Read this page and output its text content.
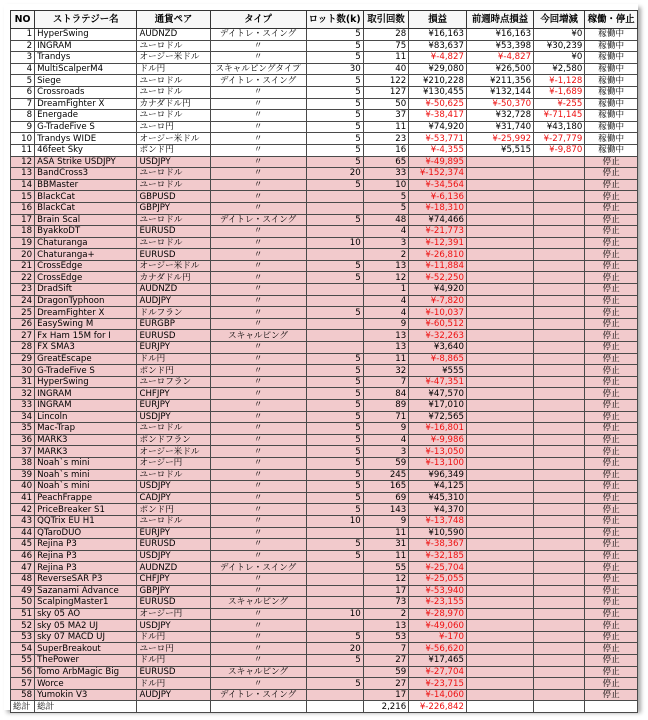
NO	ストラテジー名	通貨ペア	タイプ	ロット数(k)	取引回数	損益	前週時点損益	今回増減	稼働・停止
1	HyperSwing	AUDNZD	デイトレ・スイング	5	28	¥16,163	¥16,163	¥0	稼働中
2	INGRAM	ユーロドル	〃	5	75	¥83,637	¥53,398	¥30,239	稼働中
3	Trandys	オージー米ドル	〃	5	11	¥-4,827	¥-4,827	¥0	稼働中
4	MultiScalperM4	ドル円	スキャルピングタイプ	30	40	¥29,080	¥26,500	¥2,580	稼働中
5	Siege	ユーロドル	デイトレ・スイング	5	122	¥210,228	¥211,356	¥-1,128	稼働中
6	Crossroads	ユーロドル	〃	5	127	¥130,455	¥132,144	¥-1,689	稼働中
7	DreamFighter X	カナダドル円	〃	5	50	¥-50,625	¥-50,370	¥-255	稼働中
8	Energade	ユーロドル	〃	5	37	¥-38,417	¥32,728	¥-71,145	稼働中
9	G-TradeFive S	ユーロ円	〃	5	11	¥74,920	¥31,740	¥43,180	稼働中
10	Trandys WIDE	オージー米ドル	〃	5	23	¥-53,771	¥-25,992	¥-27,779	稼働中
11	46feet Sky	ポンド円	〃	5	16	¥-4,355	¥5,515	¥-9,870	稼働中
12	ASA Strike USDJPY	USDJPY	〃	5	65	¥-49,895			停止
13	BandCross3	ユーロドル	〃	20	33	¥-152,374			停止
14	BBMaster	ユーロドル	〃	5	10	¥-34,564			停止
15	BlackCat	GBPUSD	〃		5	¥-6,136			停止
16	BlackCat	GBPJPY	〃		5	¥-18,310			停止
17	Brain Scal	ユーロドル	デイトレ・スイング	5	48	¥74,466			停止
18	ByakkoDT	EURUSD	〃		4	¥-21,773			停止
19	Chaturanga	ユーロドル	〃	10	3	¥-12,391			停止
20	Chaturanga+	EURUSD	〃		2	¥-26,810			停止
21	CrossEdge	オージー米ドル	〃	5	13	¥-11,884			停止
22	CrossEdge	カナダドル円	〃	5	12	¥-52,250			停止
23	DradSift	AUDNZD	〃		1	¥4,920			停止
24	DragonTyphoon	AUDJPY	〃		4	¥-7,820			停止
25	DreamFighter X	ドルフラン	〃	5	4	¥-10,037			停止
26	EasySwing M	EURGBP	〃		9	¥-60,512			停止
27	Fx Ham 15M for I	EURUSD	スキャルピング		13	¥-32,263			停止
28	FX SMA3	EURJPY	〃		13	¥3,640			停止
29	GreatEscape	ドル円	〃	5	11	¥-8,865			停止
30	G-TradeFive S	ポンド円	〃	5	32	¥555			停止
31	HyperSwing	ユーロフラン	〃	5	7	¥-47,351			停止
32	INGRAM	CHFJPY	〃	5	84	¥47,570			停止
33	INGRAM	EURJPY	〃	5	89	¥17,010			停止
34	Lincoln	USDJPY	〃	5	71	¥72,565			停止
35	Mac-Trap	ユーロドル	〃	5	9	¥-16,801			停止
36	MARK3	ポンドフラン	〃	5	4	¥-9,986			停止
37	MARK3	オージー米ドル	〃	5	3	¥-13,050			停止
38	Noah`s mini	オージー円	〃	5	59	¥-13,100			停止
39	Noah`s mini	ユーロドル	〃	5	245	¥96,349			停止
40	Noah`s mini	USDJPY	〃	5	165	¥4,125			停止
41	PeachFrappe	CADJPY	〃	5	69	¥45,310			停止
42	PriceBreaker S1	ポンド円	〃	5	143	¥4,370			停止
43	QQTrix EU H1	ユーロドル	〃	10	9	¥-13,748			停止
44	QTaroDUO	EURJPY	〃		11	¥10,590			停止
45	Rejina P3	EURUSD	〃	5	31	¥-38,367			停止
46	Rejina P3	USDJPY	〃	5	11	¥-32,185			停止
47	Rejina P3	AUDNZD	デイトレ・スイング		55	¥-25,704			停止
48	ReverseSAR P3	CHFJPY	〃		12	¥-25,055			停止
49	Sazanami Advance	GBPJPY	〃		17	¥-53,940			停止
50	ScalpingMaster1	EURUSD	スキャルピング		73	¥-23,155			停止
51	sky 05 AO	オージー円	〃	10	2	¥-28,970			停止
52	sky 05 MA2 UJ	USDJPY	〃		13	¥-49,060			停止
53	sky 07 MACD UJ	ドル円	〃	5	53	¥-170			停止
54	SuperBreakout	ユーロ円	〃	20	7	¥-56,620			停止
55	ThePower	ドル円	〃	5	27	¥17,465			停止
56	Tomo ArbMagic Big	EURUSD	スキャルピング		59	¥-27,704			停止
57	Worce	ドル円	〃	5	27	¥-23,715			停止
58	Yumokin V3	AUDJPY	デイトレ・スイング		17	¥-14,060			停止
総計	総計				2,216	¥-226,842			
